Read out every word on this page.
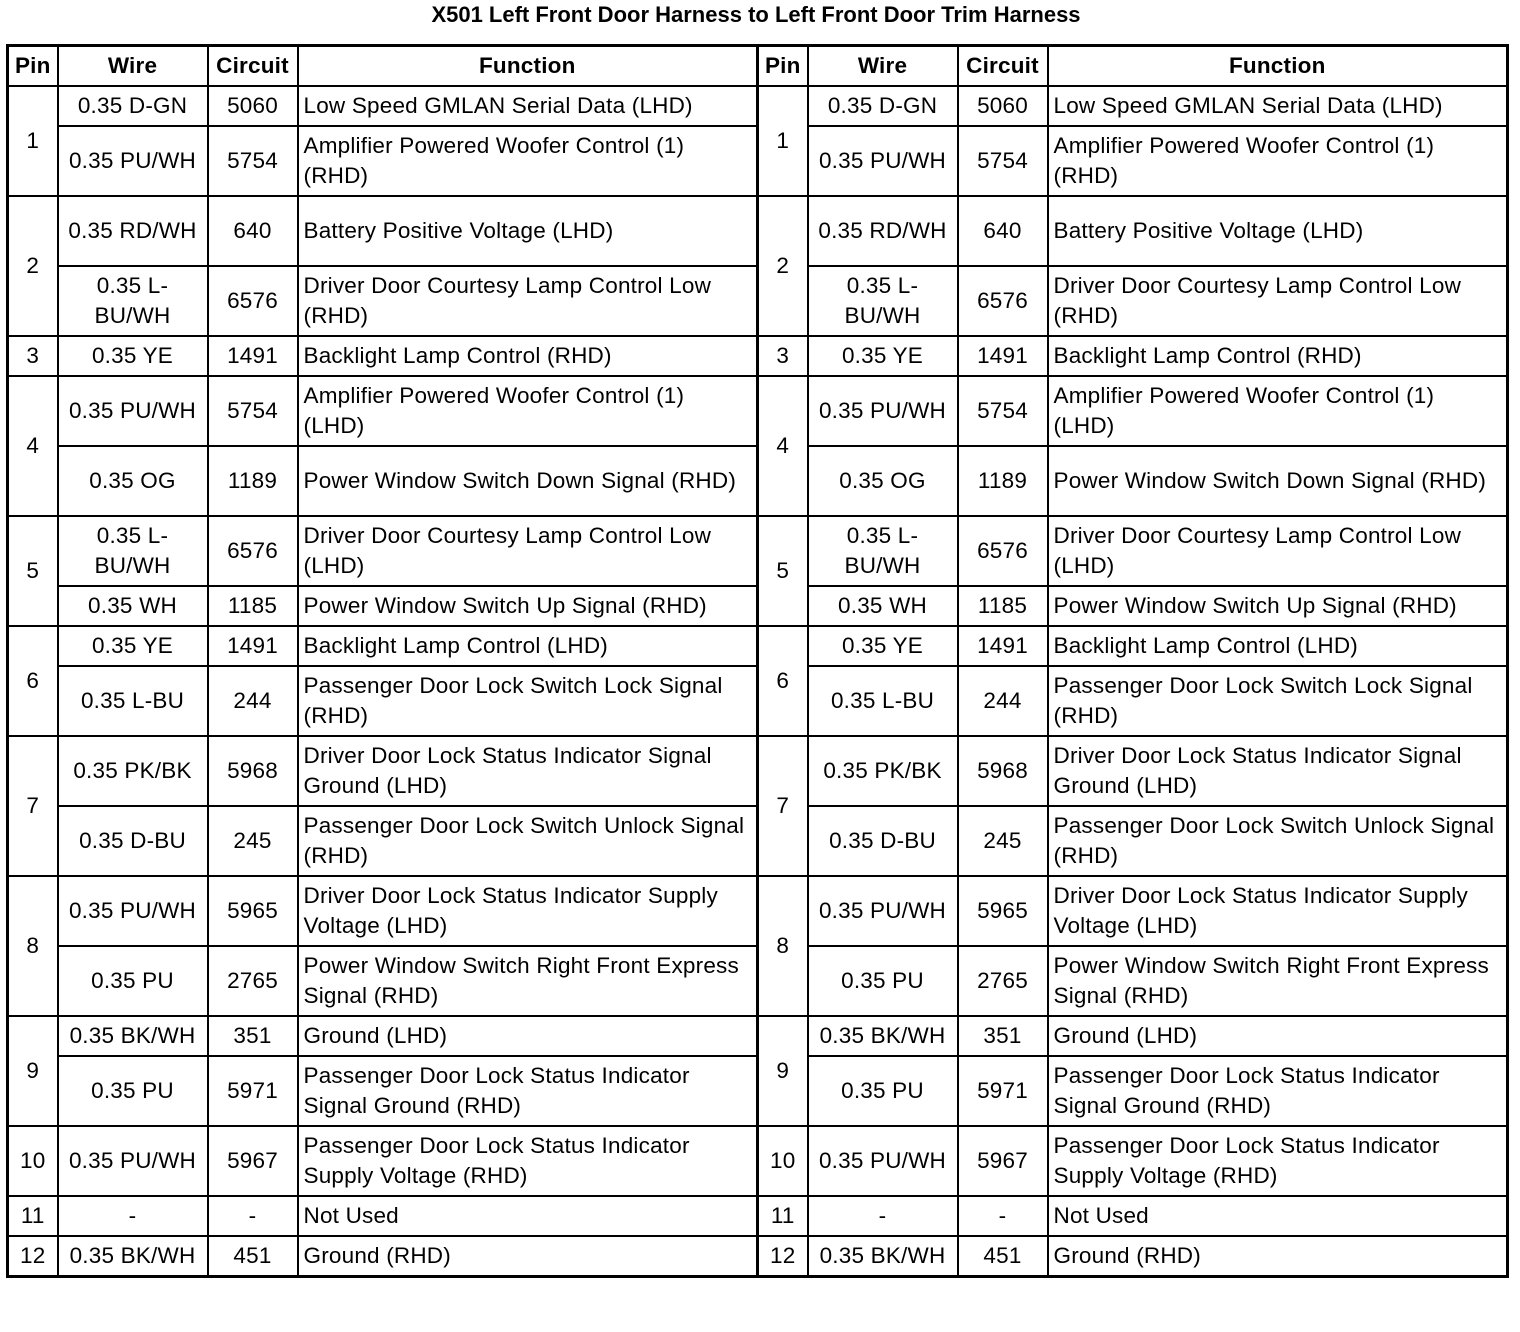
X501 Left Front Door Harness to Left Front Door Trim Harness
Pin	Wire	Circuit	Function	Pin	Wire	Circuit	Function
1	0.35 D-GN	5060	Low Speed GMLAN Serial Data (LHD)	1	0.35 D-GN	5060	Low Speed GMLAN Serial Data (LHD)
	0.35 PU/WH	5754	Amplifier Powered Woofer Control (1) (RHD)		0.35 PU/WH	5754	Amplifier Powered Woofer Control (1) (RHD)
2	0.35 RD/WH	640	Battery Positive Voltage (LHD)	2	0.35 RD/WH	640	Battery Positive Voltage (LHD)
	0.35 L-BU/WH	6576	Driver Door Courtesy Lamp Control Low (RHD)		0.35 L-BU/WH	6576	Driver Door Courtesy Lamp Control Low (RHD)
3	0.35 YE	1491	Backlight Lamp Control (RHD)	3	0.35 YE	1491	Backlight Lamp Control (RHD)
4	0.35 PU/WH	5754	Amplifier Powered Woofer Control (1) (LHD)	4	0.35 PU/WH	5754	Amplifier Powered Woofer Control (1) (LHD)
	0.35 OG	1189	Power Window Switch Down Signal (RHD)		0.35 OG	1189	Power Window Switch Down Signal (RHD)
5	0.35 L-BU/WH	6576	Driver Door Courtesy Lamp Control Low (LHD)	5	0.35 L-BU/WH	6576	Driver Door Courtesy Lamp Control Low (LHD)
	0.35 WH	1185	Power Window Switch Up Signal (RHD)		0.35 WH	1185	Power Window Switch Up Signal (RHD)
6	0.35 YE	1491	Backlight Lamp Control (LHD)	6	0.35 YE	1491	Backlight Lamp Control (LHD)
	0.35 L-BU	244	Passenger Door Lock Switch Lock Signal (RHD)		0.35 L-BU	244	Passenger Door Lock Switch Lock Signal (RHD)
7	0.35 PK/BK	5968	Driver Door Lock Status Indicator Signal Ground (LHD)	7	0.35 PK/BK	5968	Driver Door Lock Status Indicator Signal Ground (LHD)
	0.35 D-BU	245	Passenger Door Lock Switch Unlock Signal (RHD)		0.35 D-BU	245	Passenger Door Lock Switch Unlock Signal (RHD)
8	0.35 PU/WH	5965	Driver Door Lock Status Indicator Supply Voltage (LHD)	8	0.35 PU/WH	5965	Driver Door Lock Status Indicator Supply Voltage (LHD)
	0.35 PU	2765	Power Window Switch Right Front Express Signal (RHD)		0.35 PU	2765	Power Window Switch Right Front Express Signal (RHD)
9	0.35 BK/WH	351	Ground (LHD)	9	0.35 BK/WH	351	Ground (LHD)
	0.35 PU	5971	Passenger Door Lock Status Indicator Signal Ground (RHD)		0.35 PU	5971	Passenger Door Lock Status Indicator Signal Ground (RHD)
10	0.35 PU/WH	5967	Passenger Door Lock Status Indicator Supply Voltage (RHD)	10	0.35 PU/WH	5967	Passenger Door Lock Status Indicator Supply Voltage (RHD)
11	-	-	Not Used	11	-	-	Not Used
12	0.35 BK/WH	451	Ground (RHD)	12	0.35 BK/WH	451	Ground (RHD)
